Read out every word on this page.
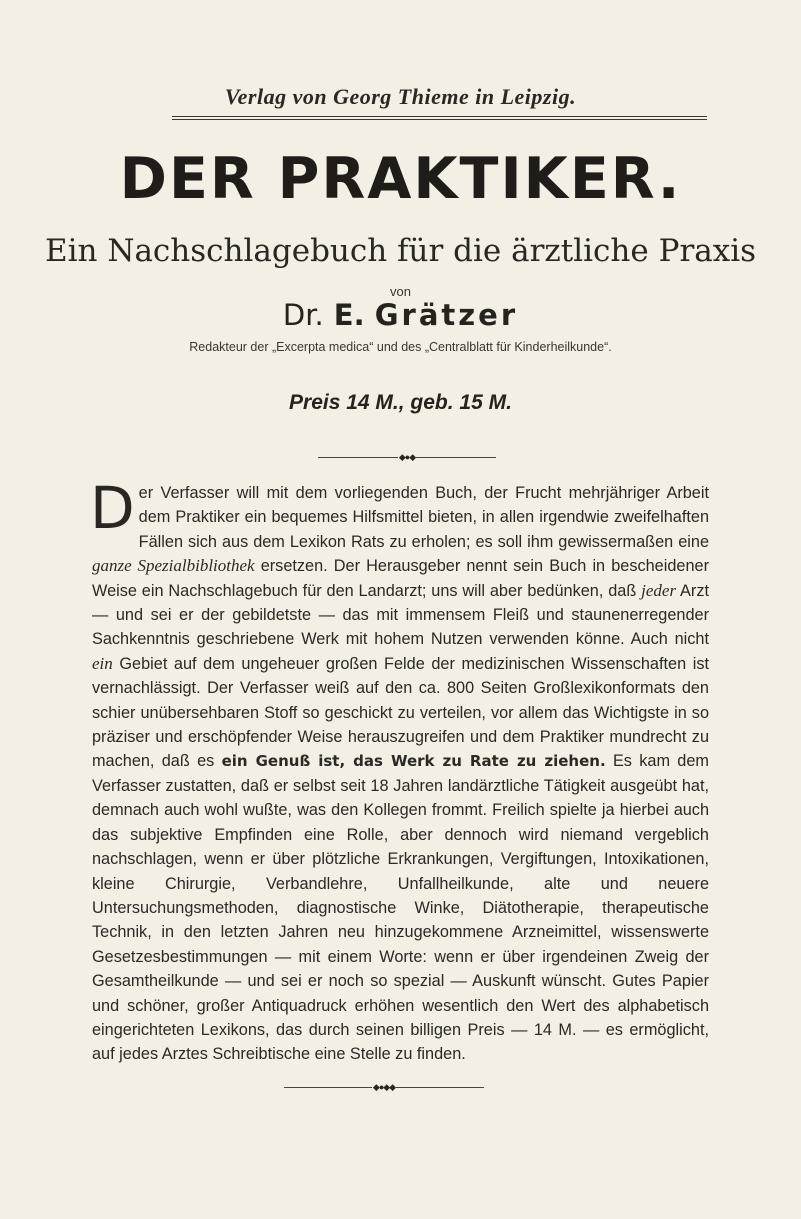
Verlag von Georg Thieme in Leipzig.
DER PRAKTIKER.
Ein Nachschlagebuch für die ärztliche Praxis
von
Dr. E. Grätzer
Redakteur der „Excerpta medica“ und des „Centralblatt für Kinderheilkunde“.
Preis 14 M., geb. 15 M.
◆●◆
Der Verfasser will mit dem vorliegenden Buch, der Frucht mehrjähriger Arbeit dem Praktiker ein bequemes Hilfsmittel bieten, in allen irgendwie zweifelhaften Fällen sich aus dem Lexikon Rats zu erholen; es soll ihm gewissermaßen eine ganze Spezialbibliothek ersetzen. Der Herausgeber nennt sein Buch in bescheidener Weise ein Nachschlagebuch für den Landarzt; uns will aber bedünken, daß jeder Arzt — und sei er der gebildetste — das mit immensem Fleiß und staunenerregender Sachkenntnis geschriebene Werk mit hohem Nutzen verwenden könne. Auch nicht ein Gebiet auf dem ungeheuer großen Felde der medizinischen Wissenschaften ist vernachlässigt. Der Verfasser weiß auf den ca. 800 Seiten Großlexikonformats den schier unübersehbaren Stoff so geschickt zu verteilen, vor allem das Wichtigste in so präziser und erschöpfender Weise herauszugreifen und dem Praktiker mundrecht zu machen, daß es ein Genuß ist, das Werk zu Rate zu ziehen. Es kam dem Verfasser zustatten, daß er selbst seit 18 Jahren landärztliche Tätigkeit ausgeübt hat, demnach auch wohl wußte, was den Kollegen frommt. Freilich spielte ja hierbei auch das subjektive Empfinden eine Rolle, aber dennoch wird niemand vergeblich nachschlagen, wenn er über plötzliche Erkrankungen, Vergiftungen, Intoxikationen, kleine Chirurgie, Verbandlehre, Unfallheilkunde, alte und neuere Untersuchungsmethoden, diagnostische Winke, Diätotherapie, therapeutische Technik, in den letzten Jahren neu hinzugekommene Arzneimittel, wissenswerte Gesetzesbestimmungen — mit einem Worte: wenn er über irgendeinen Zweig der Gesamtheilkunde — und sei er noch so spezial — Auskunft wünscht. Gutes Papier und schöner, großer Antiquadruck erhöhen wesentlich den Wert des alphabetisch eingerichteten Lexikons, das durch seinen billigen Preis — 14 M. — es ermöglicht, auf jedes Arztes Schreibtische eine Stelle zu finden.
◆●◆◆
